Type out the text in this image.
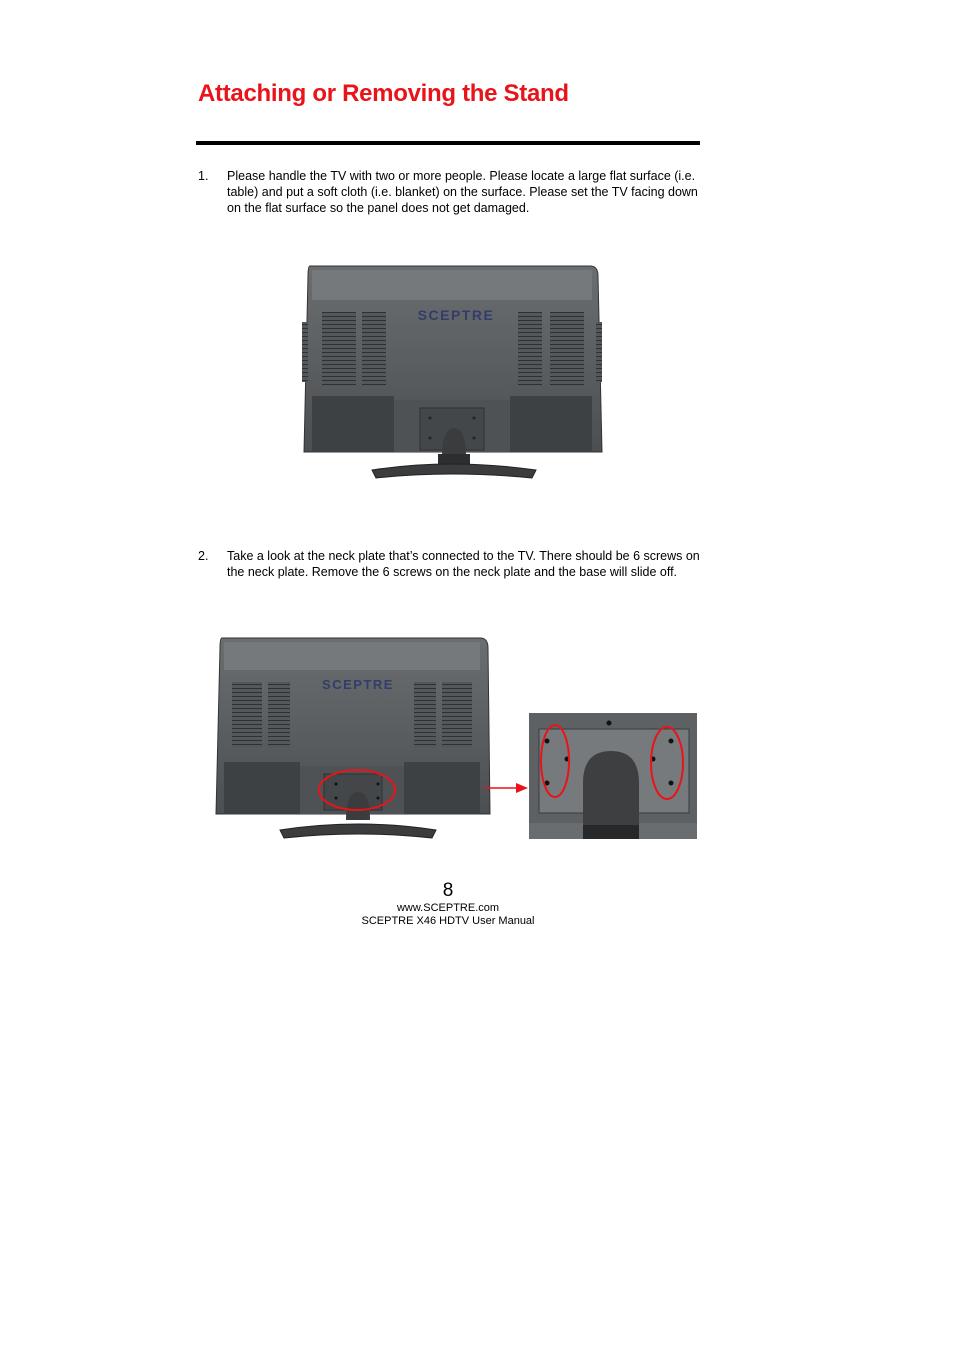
Attaching or Removing the Stand
1.	Please handle the TV with two or more people. Please locate a large flat surface (i.e. table) and put a soft cloth (i.e. blanket) on the surface. Please set the TV facing down on the flat surface so the panel does not get damaged.
SCEPTRE
2.	Take a look at the neck plate that’s connected to the TV. There should be 6 screws on the neck plate. Remove the 6 screws on the neck plate and the base will slide off.
SCEPTRE
8
www.SCEPTRE.com
SCEPTRE X46 HDTV User Manual
